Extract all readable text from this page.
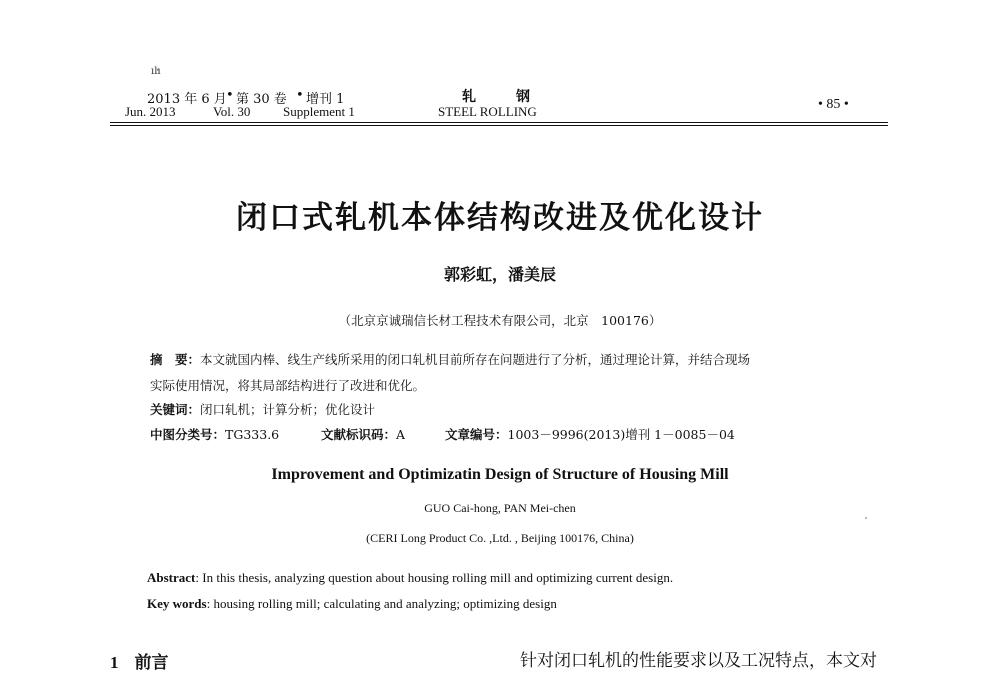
ıŀı
2013 年 6 月 • 第 30 卷 • 增刊 1
Jun. 2013	Vol. 30	Supplement 1
轧钢
STEEL ROLLING	• 85 •
闭口式轧机本体结构改进及优化设计
郭彩虹，潘美辰
（北京京诚瑞信长材工程技术有限公司，北京　100176）
摘　要：本文就国内棒、线生产线所采用的闭口轧机目前所存在问题进行了分析，通过理论计算，并结合现场
实际使用情况，将其局部结构进行了改进和优化。
关键词：闭口轧机；计算分析；优化设计
中图分类号：TG333.6	文献标识码：A	文章编号：1003－9996(2013)增刊 1－0085－04
Improvement and Optimizatin Design of Structure of Housing Mill
GUO Cai-hong, PAN Mei-chen
(CERI Long Product Co. ,Ltd. , Beijing 100176, China)
Abstract: In this thesis, analyzing question about housing rolling mill and optimizing current design.
Key words: housing rolling mill; calculating and analyzing; optimizing design
1 前言	针对闭口轧机的性能要求以及工况特点，本文对
